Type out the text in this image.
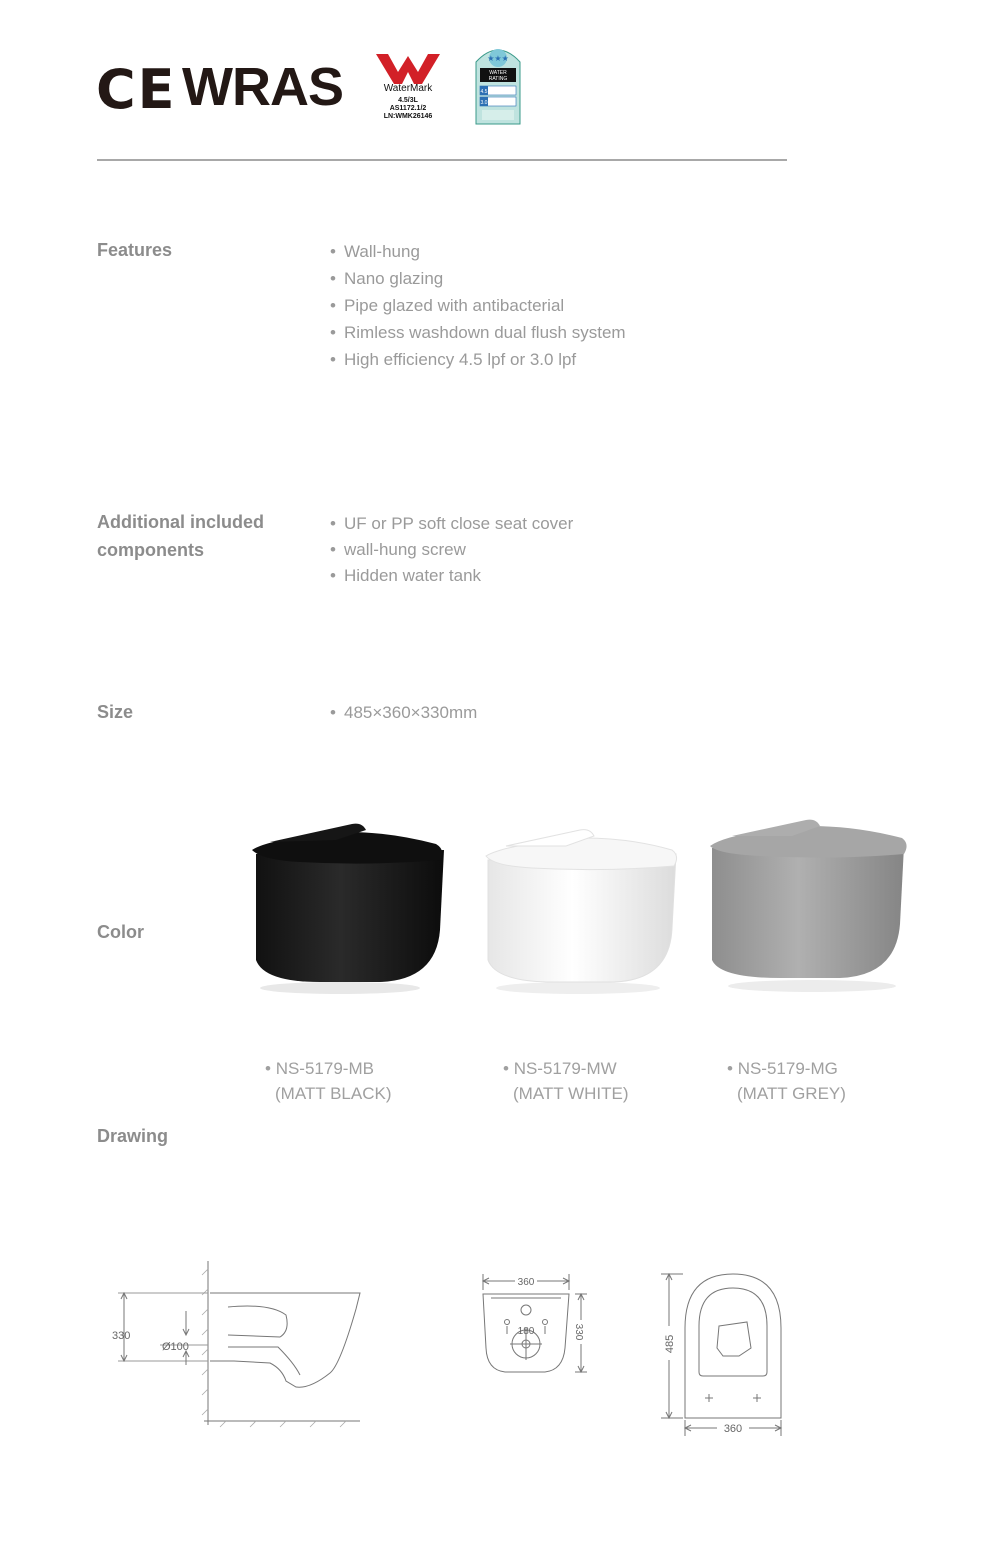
CE WRAS	WaterMark
4.5/3L
AS1172.1/2
LN:WMK26146
★★★
WATER
RATING
4.5
3.0
Features	• Wall-hung
• Nano glazing
• Pipe glazed with antibacterial
• Rimless washdown dual flush system
• High efficiency 4.5 lpf or 3.0 lpf
Additional included
components
• UF or PP soft close seat cover
• wall-hung screw
• Hidden water tank
Size	• 485×360×330mm
Color
• NS-5179-MB
(MATT BLACK)
• NS-5179-MW
(MATT WHITE)
• NS-5179-MG
(MATT GREY)
Drawing
330
Ø100
360
180	330
485
360
